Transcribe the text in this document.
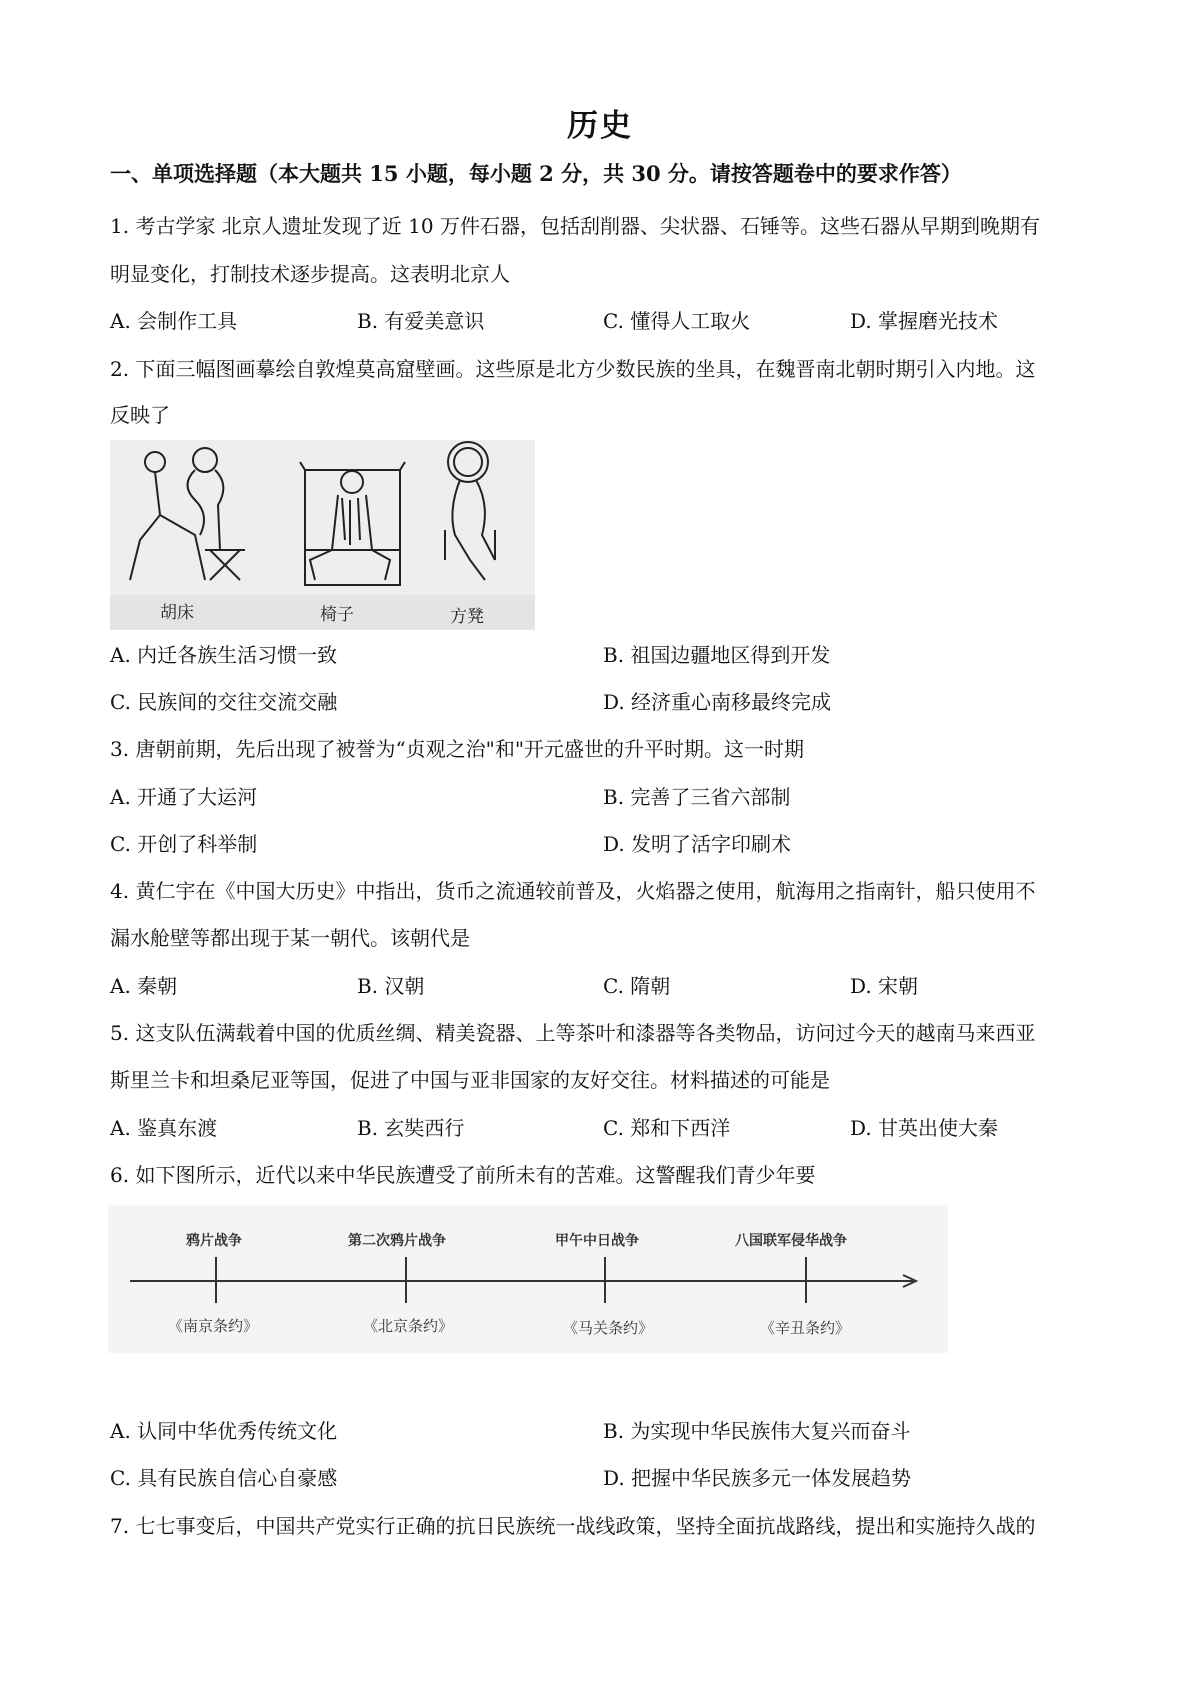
历史
一、单项选择题（本大题共 15 小题，每小题 2 分，共 30 分。请按答题卷中的要求作答）
1. 考古学家 北京人遗址发现了近 10 万件石器，包括刮削器、尖状器、石锤等。这些石器从早期到晚期有
明显变化，打制技术逐步提高。这表明北京人
A. 会制作工具	B. 有爱美意识	C. 懂得人工取火	D. 掌握磨光技术
2. 下面三幅图画摹绘自敦煌莫高窟壁画。这些原是北方少数民族的坐具，在魏晋南北朝时期引入内地。这
反映了
胡床	椅子	方凳
A. 内迁各族生活习惯一致	B. 祖国边疆地区得到开发
C. 民族间的交往交流交融	D. 经济重心南移最终完成
3. 唐朝前期，先后出现了被誉为“贞观之治"和"开元盛世的升平时期。这一时期
A. 开通了大运河	B. 完善了三省六部制
C. 开创了科举制	D. 发明了活字印刷术
4. 黄仁宇在《中国大历史》中指出，货币之流通较前普及，火焰器之使用，航海用之指南针，船只使用不
漏水舱壁等都出现于某一朝代。该朝代是
A. 秦朝	B. 汉朝	C. 隋朝	D. 宋朝
5. 这支队伍满载着中国的优质丝绸、精美瓷器、上等茶叶和漆器等各类物品，访问过今天的越南马来西亚
斯里兰卡和坦桑尼亚等国，促进了中国与亚非国家的友好交往。材料描述的可能是
A. 鉴真东渡	B. 玄奘西行	C. 郑和下西洋	D. 甘英出使大秦
6. 如下图所示，近代以来中华民族遭受了前所未有的苦难。这警醒我们青少年要
鸦片战争	第二次鸦片战争	甲午中日战争	八国联军侵华战争
《南京条约》	《北京条约》	《马关条约》	《辛丑条约》
A. 认同中华优秀传统文化	B. 为实现中华民族伟大复兴而奋斗
C. 具有民族自信心自豪感	D. 把握中华民族多元一体发展趋势
7. 七七事变后，中国共产党实行正确的抗日民族统一战线政策，坚持全面抗战路线，提出和实施持久战的
